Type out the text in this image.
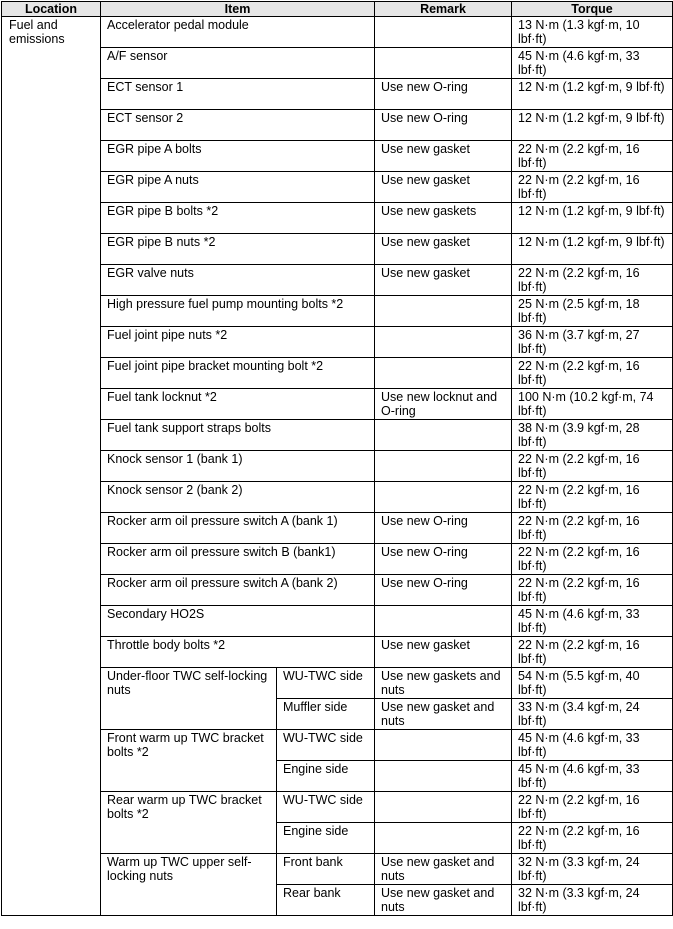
Location	Item		Remark	Torque
Fuel and emissions	Accelerator pedal module			13 N·m (1.3 kgf·m, 10 lbf·ft)
	A/F sensor			45 N·m (4.6 kgf·m, 33 lbf·ft)
	ECT sensor 1		Use new O-ring	12 N·m (1.2 kgf·m, 9 lbf·ft)
	ECT sensor 2		Use new O-ring	12 N·m (1.2 kgf·m, 9 lbf·ft)
	EGR pipe A bolts		Use new gasket	22 N·m (2.2 kgf·m, 16 lbf·ft)
	EGR pipe A nuts		Use new gasket	22 N·m (2.2 kgf·m, 16 lbf·ft)
	EGR pipe B bolts *2		Use new gaskets	12 N·m (1.2 kgf·m, 9 lbf·ft)
	EGR pipe B nuts *2		Use new gasket	12 N·m (1.2 kgf·m, 9 lbf·ft)
	EGR valve nuts		Use new gasket	22 N·m (2.2 kgf·m, 16 lbf·ft)
	High pressure fuel pump mounting bolts *2			25 N·m (2.5 kgf·m, 18 lbf·ft)
	Fuel joint pipe nuts *2			36 N·m (3.7 kgf·m, 27 lbf·ft)
	Fuel joint pipe bracket mounting bolt *2			22 N·m (2.2 kgf·m, 16 lbf·ft)
	Fuel tank locknut *2		Use new locknut and O-ring	100 N·m (10.2 kgf·m, 74 lbf·ft)
	Fuel tank support straps bolts			38 N·m (3.9 kgf·m, 28 lbf·ft)
	Knock sensor 1 (bank 1)			22 N·m (2.2 kgf·m, 16 lbf·ft)
	Knock sensor 2 (bank 2)			22 N·m (2.2 kgf·m, 16 lbf·ft)
	Rocker arm oil pressure switch A (bank 1)		Use new O-ring	22 N·m (2.2 kgf·m, 16 lbf·ft)
	Rocker arm oil pressure switch B (bank1)		Use new O-ring	22 N·m (2.2 kgf·m, 16 lbf·ft)
	Rocker arm oil pressure switch A (bank 2)		Use new O-ring	22 N·m (2.2 kgf·m, 16 lbf·ft)
	Secondary HO2S			45 N·m (4.6 kgf·m, 33 lbf·ft)
	Throttle body bolts *2		Use new gasket	22 N·m (2.2 kgf·m, 16 lbf·ft)
	Under-floor TWC self-locking nuts	WU-TWC side	Use new gaskets and nuts	54 N·m (5.5 kgf·m, 40 lbf·ft)
		Muffler side	Use new gasket and nuts	33 N·m (3.4 kgf·m, 24 lbf·ft)
	Front warm up TWC bracket bolts *2	WU-TWC side		45 N·m (4.6 kgf·m, 33 lbf·ft)
		Engine side		45 N·m (4.6 kgf·m, 33 lbf·ft)
	Rear warm up TWC bracket bolts *2	WU-TWC side		22 N·m (2.2 kgf·m, 16 lbf·ft)
		Engine side		22 N·m (2.2 kgf·m, 16 lbf·ft)
	Warm up TWC upper self-locking nuts	Front bank	Use new gasket and nuts	32 N·m (3.3 kgf·m, 24 lbf·ft)
		Rear bank	Use new gasket and nuts	32 N·m (3.3 kgf·m, 24 lbf·ft)
